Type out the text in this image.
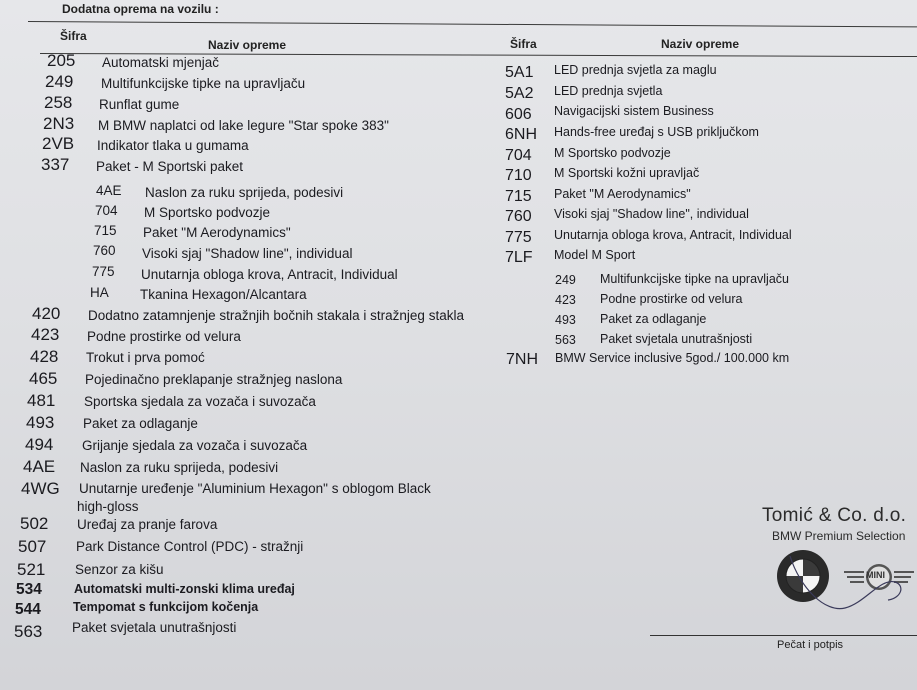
Dodatna oprema na vozilu :
Šifra
Naziv opreme	Šifra	Naziv opreme
205 Automatski mjenjač
249 Multifunkcijske tipke na upravljaču
258 Runflat gume
2N3 M BMW naplatci od lake legure "Star spoke 383"
2VB Indikator tlaka u gumama
337 Paket - M Sportski paket
4AE Naslon za ruku sprijeda, podesivi
704 M Sportsko podvozje
715 Paket "M Aerodynamics"
760 Visoki sjaj "Shadow line", individual
775 Unutarnja obloga krova, Antracit, Individual
HA Tkanina Hexagon/Alcantara
420 Dodatno zatamnjenje stražnjih bočnih stakala i stražnjeg stakla
423 Podne prostirke od velura
428 Trokut i prva pomoć
465 Pojedinačno preklapanje stražnjeg naslona
481 Sportska sjedala za vozača i suvozača
493 Paket za odlaganje
494 Grijanje sjedala za vozača i suvozača
4AE Naslon za ruku sprijeda, podesivi
4WG Unutarnje uređenje "Aluminium Hexagon" s oblogom Black
high-gloss
502 Uređaj za pranje farova
507 Park Distance Control (PDC) - stražnji
521 Senzor za kišu
534	Automatski multi-zonski klima uređaj
544	Tempomat s funkcijom kočenja
563 Paket svjetala unutrašnjosti
5A1 LED prednja svjetla za maglu
5A2 LED prednja svjetla
606 Navigacijski sistem Business
6NH Hands-free uređaj s USB priključkom
704 M Sportsko podvozje
710 M Sportski kožni upravljač
715 Paket "M Aerodynamics"
760 Visoki sjaj "Shadow line", individual
775 Unutarnja obloga krova, Antracit, Individual
7LF Model M Sport
249 Multifunkcijske tipke na upravljaču
423 Podne prostirke od velura
493 Paket za odlaganje
563 Paket svjetala unutrašnjosti
7NH BMW Service inclusive 5god./ 100.000 km
Tomić & Co. d.o.
BMW Premium Selection
MINI
Pečat i potpis
